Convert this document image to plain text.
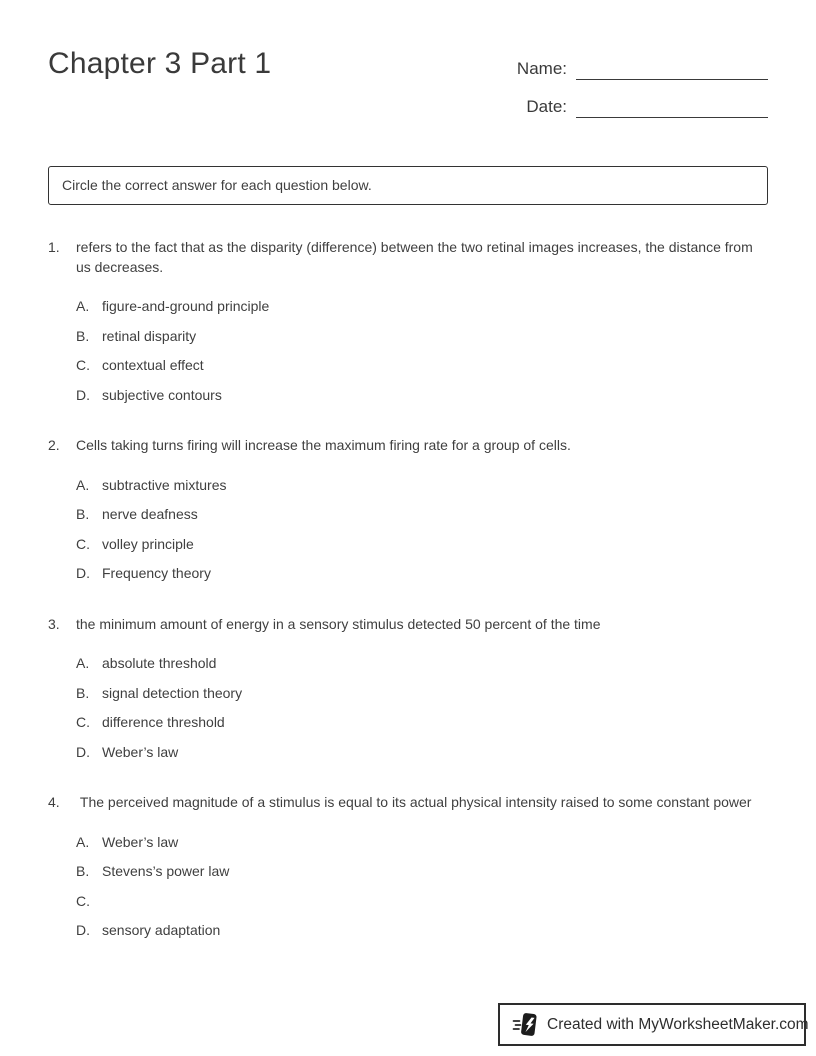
Chapter 3 Part 1	Name:
Date:
Circle the correct answer for each question below.
1.	refers to the fact that as the disparity (difference) between the two retinal images increases, the distance from us decreases.
A. figure-and-ground principle
B. retinal disparity
C. contextual effect
D. subjective contours
2.	Cells taking turns firing will increase the maximum firing rate for a group of cells.
A. subtractive mixtures
B. nerve deafness
C. volley principle
D. Frequency theory
3.	the minimum amount of energy in a sensory stimulus detected 50 percent of the time
A. absolute threshold
B. signal detection theory
C. difference threshold
D. Weber’s law
4.	The perceived magnitude of a stimulus is equal to its actual physical intensity raised to some constant power
A. Weber’s law
B. Stevens’s power law
C.
D. sensory adaptation
Created with MyWorksheetMaker.com
